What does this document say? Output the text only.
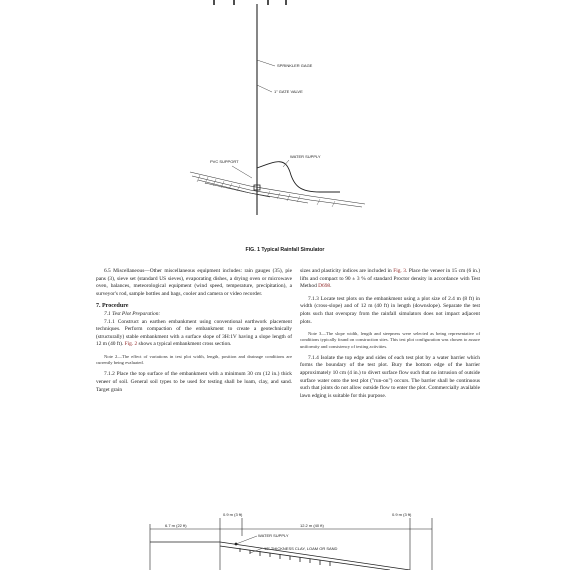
SPRINKLER GAGE
1" GATE VALVE
WATER SUPPLY
PVC SUPPORT
FIG. 1 Typical Rainfall Simulator

6.5 Miscellaneous—Other miscellaneous equipment includes: rain gauges (35), pie pans (3), sieve set (standard US sieves), evaporating dishes, a drying oven or microwave oven, balances, meteorological equipment (wind speed, temperature, precipitation), a surveyor's rod, sample bottles and bags, cooler and camera or video recorder.

7. Procedure

7.1 Test Plot Preparation:

7.1.1 Construct an earthen embankment using conventional earthwork placement techniques. Perform compaction of the embankment to create a geotechnically (structurally) stable embankment with a surface slope of 3H:1V having a slope length of 12 m (40 ft). Fig. 2 shows a typical embankment cross section.

Note 2—The effect of variations in test plot width, length, position and drainage conditions are currently being evaluated.

7.1.2 Place the top surface of the embankment with a minimum 30 cm (12 in.) thick veneer of soil. General soil types to be used for testing shall be loam, clay, and sand. Target grain

sizes and plasticity indices are included in Fig. 3. Place the veneer in 15 cm (6 in.) lifts and compact to 90 ± 3 % of standard Proctor density in accordance with Test Method D698.

7.1.3 Locate test plots on the embankment using a plot size of 2.4 m (8 ft) in width (cross-slope) and of 12 m (40 ft) in length (downslope). Separate the test plots such that overspray from the rainfall simulators does not impact adjacent plots.

Note 3—The slope width, length and steepness were selected as being representative of conditions typically found on construction sites. This test plot configuration was chosen to assure uniformity and consistency of testing activities.

7.1.4 Isolate the top edge and sides of each test plot by a water barrier which forms the boundary of the test plot. Bury the bottom edge of the barrier approximately 10 cm (4 in.) to divert surface flow such that no intrusion of outside surface water onto the test plot ("run-on") occurs. The barrier shall be continuous such that joints do not allow outside flow to enter the plot. Commercially available lawn edging is suitable for this purpose.

6.7 m (22 ft)
0.9 m (3 ft)
12.2 m (40 ft)
0.9 m (3 ft)
WATER SUPPLY
12" THICKNESS CLAY, LOAM OR SAND
